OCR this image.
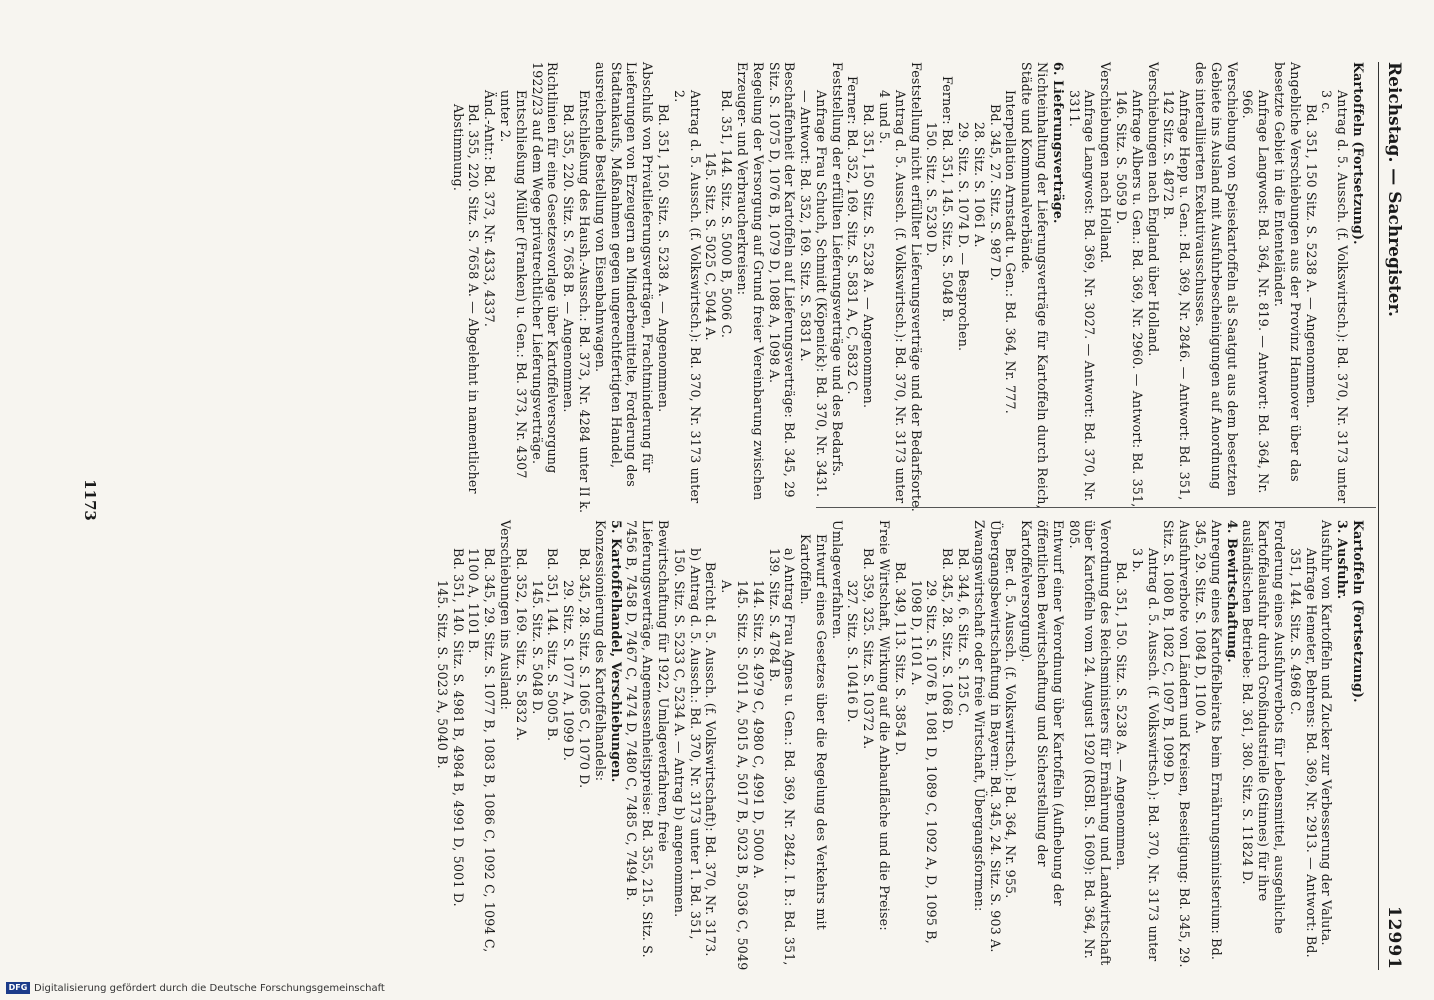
Reichstag. — Sachregister.
12991

Kartoffeln (Fortsetzung).

Antrag d. 5. Aussch. (f. Volkswirtsch.): Bd. 370, Nr. 3173 unter 3 c.

Bd. 351, 150 Sitz. S. 5238 A. — Angenommen.

Angebliche Verschiebungen aus der Provinz Hannover über das besetzte Gebiet in die Ententeländer.

Anfrage Langwost: Bd. 364, Nr. 819. — Antwort: Bd. 364, Nr. 966.

Verschiebung von Speisekartoffeln als Saatgut aus dem besetzten Gebiete ins Ausland mit Ausfuhrbescheinigungen auf Anordnung des interalliierten Exekutivausschusses.

Anfrage Hepp u. Gen.: Bd. 369, Nr. 2846. — Antwort: Bd. 351, 142 Sitz. S. 4872 B.

Verschiebungen nach England über Holland.

Anfrage Albers u. Gen.: Bd. 369, Nr. 2960. — Antwort: Bd. 351, 146. Sitz. S. 5059 D.

Verschiebungen nach Holland.

Anfrage Langwost: Bd. 369, Nr. 3027. — Antwort: Bd. 370, Nr. 3311.

6. Lieferungsverträge.

Nichteinhaltung der Lieferungsverträge für Kartoffeln durch Reich, Städte und Kommunalverbände.

Interpellation Arnstadt u. Gen.: Bd. 364, Nr. 777.

Bd. 345, 27. Sitz. S. 987 D.

28. Sitz. S. 1061 A.

29. Sitz. S. 1074 D. — Besprochen.

Ferner: Bd. 351, 145. Sitz. S. 5048 B.

150. Sitz. S. 5230 D.

Feststellung nicht erfüllter Lieferungsverträge und der Bedarfsorte.

Antrag d. 5. Aussch. (f. Volkswirtsch.): Bd. 370, Nr. 3173 unter 4 und 5.

Bd. 351, 150 Sitz. S. 5238 A. — Angenommen.

Ferner: Bd. 352, 169. Sitz. S. 5831 A, C, 5832 C.

Feststellung der erfüllten Lieferungsverträge und des Bedarfs.

Anfrage Frau Schuch, Schmidt (Köpenick): Bd. 370, Nr. 3431. — Antwort: Bd. 352, 169. Sitz. S. 5831 A.

Beschaffenheit der Kartoffeln auf Lieferungsverträge: Bd. 345, 29 Sitz. S. 1075 D, 1076 B, 1079 D, 1088 A, 1098 A.

Regelung der Versorgung auf Grund freier Vereinbarung zwischen Erzeuger- und Verbraucherkreisen:

Bd. 351, 144. Sitz. S. 5000 B, 5006 C.

145. Sitz. S. 5025 C, 5044 A.

Antrag d. 5. Aussch. (f. Volkswirtsch.): Bd. 370, Nr. 3173 unter 2.

Bd. 351, 150. Sitz. S. 5238 A. — Angenommen.

Abschluß von Privatlieferungsverträgen, Frachtminderung für Lieferungen von Erzeugern an Minderbemittelte, Forderung des Stadtankaufs, Maßnahmen gegen ungerechtfertigten Handel, ausreichende Bestellung von Eisenbahnwagen.

Entschließung des Haush.-Aussch.: Bd. 373, Nr. 4284 unter II k.

Bd. 355, 220. Sitz. S. 7658 B. — Angenommen.

Richtlinien für eine Gesetzesvorlage über Kartoffelversorgung 1922/23 auf dem Wege privatrechtlicher Lieferungsverträge.

Entschließung Müller (Franken) u. Gen.: Bd. 373, Nr. 4307 unter 2.

Änd.-Antr.: Bd. 373, Nr. 4333, 4337.

Bd. 355, 220. Sitz. S. 7658 A. — Abgelehnt in namentlicher Abstimmung.

Kartoffeln (Fortsetzung).

3. Ausfuhr.

Ausfuhr von Kartoffeln und Zucker zur Verbesserung der Valuta.

Anfrage Hemeter, Behrens: Bd. 369, Nr. 2913. — Antwort: Bd. 351, 144. Sitz. S. 4968 C.

Forderung eines Ausfuhrverbots für Lebensmittel, ausgehliche Kartoffelausfuhr durch Großindustrielle (Stinnes) für ihre ausländischen Betriebe: Bd. 361, 380. Sitz. S. 11824 D.

4. Bewirtschaftung.

Anregung eines Kartoffelbeirats beim Ernährungsministerium: Bd. 345, 29. Sitz. S. 1084 D, 1100 A.

Ausfuhrverbote von Ländern und Kreisen, Beseitigung: Bd. 345, 29. Sitz. S. 1080 B, 1082 C, 1097 B, 1099 D.

Antrag d. 5. Aussch. (f. Volkswirtsch.): Bd. 370, Nr. 3173 unter 3 b.

Bd. 351, 150. Sitz. S. 5238 A. — Angenommen.

Verordnung des Reichsministers für Ernährung und Landwirtschaft über Kartoffeln vom 24. August 1920 (RGBl. S. 1609): Bd. 364, Nr. 805.

Entwurf einer Verordnung über Kartoffeln (Aufhebung der öffentlichen Bewirtschaftung und Sicherstellung der Kartoffelversorgung).

Ber. d. 5. Aussch. (f. Volkswirtsch.): Bd. 364, Nr. 955.

Übergangsbewirtschaftung in Bayern: Bd. 345, 24. Sitz. S. 903 A.

Zwangswirtschaft oder freie Wirtschaft, Übergangsformen:

Bd. 344, 6. Sitz. S. 125 C.

Bd. 345, 28. Sitz. S. 1068 D.

29. Sitz. S. 1076 B, 1081 D, 1089 C, 1092 A, D, 1095 B, 1098 D, 1101 A.

Bd. 349, 113. Sitz. S. 3854 D.

Freie Wirtschaft, Wirkung auf die Anbaufläche und die Preise:

Bd. 359, 325. Sitz. S. 10372 A.

327. Sitz. S. 10416 D.

Umlageverfahren.

Entwurf eines Gesetzes über die Regelung des Verkehrs mit Kartoffeln.

a) Antrag Frau Agnes u. Gen.: Bd. 369, Nr. 2842. I. B.: Bd. 351, 139. Sitz. S. 4784 B.

144. Sitz. S. 4979 C, 4980 C, 4991 D, 5000 A.

145. Sitz. S. 5011 A, 5015 A, 5017 B, 5023 B, 5036 C, 5049 A.

Bericht d. 5. Aussch. (f. Volkswirtschaft): Bd. 370, Nr. 3173.

b) Antrag d. 5. Aussch.: Bd. 370, Nr. 3173 unter 1. Bd. 351, 150. Sitz. S. 5233 C, 5234 A. — Antrag b) angenommen.

Bewirtschaftung für 1922, Umlageverfahren, freie Lieferungsverträge, Angemessenheitspreise: Bd. 355, 215. Sitz. S. 7456 B, 7458 D, 7467 C, 7474 D, 7480 C, 7485 C, 7494 B.

5. Kartoffelhandel, Verschiebungen.

Konzessionierung des Kartoffelhandels:

Bd. 345, 28. Sitz. S. 1065 C, 1070 D.

29. Sitz. S. 1077 A, 1099 D.

Bd. 351, 144. Sitz. S. 5005 B.

145. Sitz. S. 5048 D.

Bd. 352, 169. Sitz. S. 5832 A.

Verschiebungen ins Ausland:

Bd. 345, 29. Sitz. S. 1077 B, 1083 B, 1086 C, 1092 C, 1094 C, 1100 A, 1101 B.

Bd. 351, 140. Sitz. S. 4981 B, 4984 B, 4991 D, 5001 D.

145. Sitz. S. 5023 A, 5040 B.

1173
DFG Digitalisierung gefördert durch die Deutsche Forschungsgemeinschaft
